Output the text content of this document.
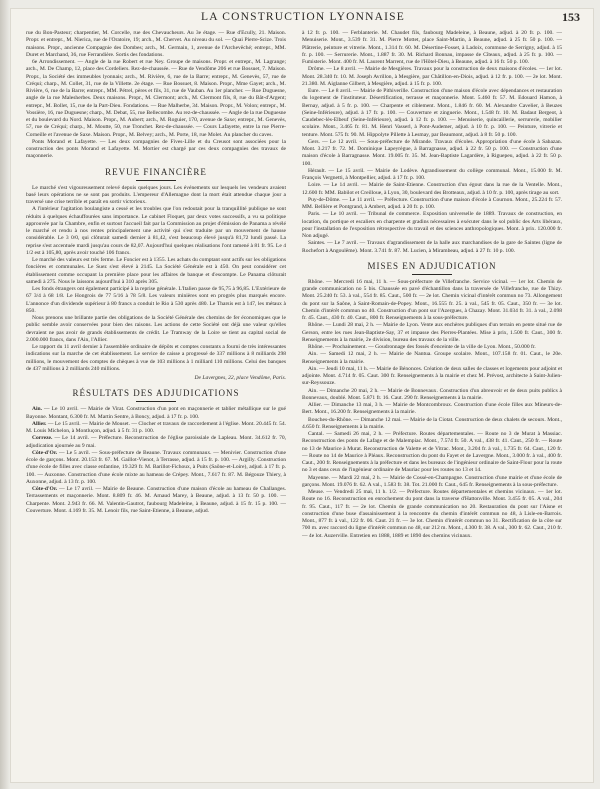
LA CONSTRUCTION LYONNAISE	153

rue du Bon-Pasteur; charpentier, M. Corcelle, rue des Chevaucheurs. Au 3e étage. — Rue d'Ecully, 21. Maison. Propr. et entrepr., M. Nierica, rue de l'Oratoire, 19; arch., M. Chervet. Au niveau du sol. — Quai Pierre-Scize. Trois maisons. Propr., ancienne Compagnie des Dombes; arch., M. Germain, 1, avenue de l'Archevêché; entrepr., MM. Duret et Marchand, 36, rue Ferrandière. Sortis des fondations.

6e Arrondissement. — Angle de la rue Robert et rue Ney. Groupe de maisons. Propr. et entrepr., M. Lagrange; arch., M. De Champ, 12, place des Cordeliers. Rez-de-chaussée. — Rue de Vendôme 206 et rue Bossuet, 7. Maison. Propr., la Société des immeubles lyonnais; arch., M. Rivière, 6, rue de la Barre; entrepr., M. Genevès, 57, rue de Créqui; charp., M. Collet, 31, rue de la Villette. 2e étage. — Rue Bossuet, 8. Maison. Propr., Mme Gayet; arch., M. Rivière, 6, rue de la Barre; entrepr., MM. Pétrel, pères et fils, 31, rue de Vauban. Au 1er plancher. — Rue Duguesne, angle de la rue Malesherbes. Deux maisons. Propr., M. Clermont; arch., M. Clermont fils, 8, rue du Bât-d'Argent; entrepr., M. Bollet, 15, rue de la Part-Dieu. Fondations. — Rue Malherbe, 34. Maison. Propr., M. Volon; entrepr., M. Vossière, 16, rue Duguesne; charp., M. Debat, 55, rue Bellecombe. Au rez-de-chaussée. — Angle de la rue Duguesne et du boulevard du Nord. Maison. Propr., M. Aubert; arch., M. Roguier, 170, avenue de Saxe; entrepr., M. Genevès, 57, rue de Créqui; charp., M. Moutte, 50, rue Tronchet. Rez-de-chaussée. — Cours Lafayette, entre la rue Pierre-Corneille et l'avenue de Saxe. Maison. Propr., M. Belvey; arch., M. Porte, 18, rue Molet. Au plancher du caves.

Ponts Morand et Lafayette. — Les deux compagnies de Fives-Lille et du Creusot sont associées pour la construction des ponts Morand et Lafayette. M. Mortier est chargé par ces deux compagnies des travaux de maçonnerie.

REVUE FINANCIÈRE

Le marché s'est vigoureusement relevé depuis quelques jours. Les événements sur lesquels les vendeurs avaient basé leurs opérations ne se sont pas produits. L'empereur d'Allemagne dont la mort était attendue chaque jour a traversé une crise terrible et paraît en sortir victorieux.

A l'intérieur l'agitation boulangiste a cessé et les troubles que l'on redoutait pour la tranquillité publique ne sont réduits à quelques échauffourées sans importance. Le cabinet Floquet, par deux votes successifs, a vu sa politique approuvée par la Chambre, enfin et surtout l'accueil fait par la Commission au projet d'émission de Panama a révélé le marché et rendu à nos rentes principalement une activité qui s'est traduite par un mouvement de hausse considérable. Le 3 0/0, qui clôturait samedi dernier à 81,42, s'est beaucoup élevé jusqu'à 81,72 lundi passé. La reprise s'est accentuée mardi jusqu'au cours de 82,07. Aujourd'hui quelques réalisations l'ont ramené à 81 fr. 95. Le 4 1/2 est à 105,80, après avoir touché 106 francs.

Le marché des valeurs est très ferme. Le Foncier est à 1355. Les achats du comptant sont actifs sur les obligations foncières et communales. Le Suez s'est élevé à 2145. La Société Générale est à 450. On peut considérer cet établissement comme occupant la première place pour les affaires de banque et d'escompte. Le Panama clôturait samedi à 275. Nous le laissons aujourd'hui à 310 après 305.

Les fonds étrangers ont également participé à la reprise générale. L'Italien passe de 95,75 à 96,85. L'Extérieure de 67 3/4 à 68 1/8. Le Hongrois de 77 5/16 à 78 5/8. Les valeurs minières sont en progrès plus marqués encore. L'annonce d'un dividende supérieur à 80 francs a conduit le Rio à 530 après 480. Le Tharsis est à 147, les métaux à 850.

Nous prenons une brillante partie des obligations de la Société Générale des chemins de fer économiques que le public semble avoir conservées pour bien des raisons. Les actions de cette Société ont déjà une valeur qu'elles devraient ne pas avoir de grands établissements de crédit. Le Tramway de la Loire se tient au capital social de 2.000.000 francs, dans l'Ain, l'Allier.

Le rapport du 11 avril dernier à l'assemblée ordinaire de dépôts et comptes constants a fourni de très intéressantes indications sur la marche de cet établissement. Le service de caisse a progressé de 337 millions à 8 milliards 298 millions, le mouvement des comptes de chèques à vue de 103 millions à 1 milliard 110 millions. Celui des banques de 437 millions à 2 milliards 240 millions.

De Lavergnes, 22, place Vendôme, Paris.
RÉSULTATS DES ADJUDICATIONS

Ain. — Le 10 avril. — Mairie de Virat. Construction d'un pont en maçonnerie et tablier métallique sur le gué Bayonne. Montant, 6.300 fr. M. Martin Sentre, à Boncy, adjud. à 17 fr. p. 100.

Allier. — Le 15 avril. — Mairie de Mouset. — Clocher et travaux de raccordement à l'église. Mont. 20.445 fr. 54. M. Louis Michelon, à Montluçon, adjud. à 5 fr. 31 p. 100.

Correze. — Le 14 avril. — Préfecture. Reconstruction de l'église paroissiale de Lapleau. Mont. 34.612 fr. 70, adjudication ajournée au 9 mai.

Côte-d'Or. — Le 5 avril. — Sous-préfecture de Beaune. Travaux communaux. — Menivier. Construction d'une école de garçons. Mont. 20.153 fr. 67. M. Gaillot-Vienot, à Terrasse, adjud. à 15 fr. p. 100. — Argilly. Construction d'une école de filles avec classe enfantine, 19.329 fr. M. Barillot-Fichoux, à Puits (Saône-et-Loire), adjud. à 17 fr. p. 100. — Auxonne. Construction d'une école mixte au hameau de Crépey. Mont., 7.617 fr. 87. M. Bégouze Thiery, à Auxonne, adjud. à 13 fr. p. 100.

Côte-d'Or. — Le 17 avril. — Mairie de Beaune. Construction d'une maison d'école au hameau de Challanges. Terrassements et maçonnerie. Mont. 8.809 fr. 46. M. Arnaud Marey, à Beaune, adjud. à 13 fr. 50 p. 100. — Charpente. Mont. 2.943 fr. 66. M. Valentin-Gautrot, faubourg Madeleine, à Beaune, adjud. à 15 fr. 15 p. 100. — Couverture. Mont. 4.169 fr. 35. M. Lenoir fils, rue Saint-Etienne, à Beaune, adjud.

à 12 fr. p. 100. — Ferblanterie. M. Chaudet fils, faubourg Madeleine, à Beaune, adjud. à 20 fr. p. 100. — Menuiserie. Mont., 3.539 fr. 31. M. Pierre Mottet, place Saint-Martin, à Beaune, adjud. à 25 fr. 50 p. 100. — Plâtrerie, peinture et vitrerie. Mont., 1.314 fr. 60. M. Désertine-Fosset, à Ladoix, commune de Serrigny, adjud. à 15 fr. p. 100. — Serrurerie. Mont., 1.887 fr. 30. M. Richard Bonnau, impasse de Cîteaux, adjud. à 25 fr. p. 100. — Fumisterie. Mont. 400 fr. M. Laurent Marrent, rue de l'Hôtel-Dieu, à Beaune, adjud. à 16 fr. 50 p. 100.

Drôme. — Le 8 avril. — Mairie de Mesgières. Travaux pour la construction de deux maisons d'écoles. — 1er lot. Mont. 28.340 fr. 10. M. Joseph Avrillon, à Mesgière, par Châtillon-en-Diois, adjud. à 12 fr. p. 100. — 2e lot. Mont. 21.380. M. Aiglanne Gilbert, à Mesgière, adjud. à 15 fr. p. 100.

Eure. — Le 8 avril. — Mairie de Pithiverille. Construction d'une maison d'école avec dépendances et restauration du logement de l'instituteur. Désertification, terrasse et maçonnerie. Mont. 5.460 fr. 57. M. Edouard Hamon, à Bernay, adjud. à 5 fr. p. 100. — Charpente et ciblement. Mont., 1.846 fr. 60. M. Alexandre Cavelier, à Beuzes (Seine-Inférieure), adjud. à 17 fr. p. 100. — Couverture et zinguerie. Mont., 1.548 fr. 10. M. Badaut Bergeot, à Caudebec-lès-Elbeuf (Seine-Inférieure), adjud. à 12 fr. p. 100. — Menuiserie, quincaillerie, serrurerie, mobilier scolaire. Mont., 3.465 fr. 81. M. Henri Vasserl, à Pont-Audemer, adjud. à 10 fr. p. 100. — Peinture, vitrerie et tenture. Mont. 575 fr. 90. M. Hippolyte Pillette à Lesmay, par Beaumont, adjud. à 8 fr. 50 p. 100.

Gers. — Le 12 avril. — Sous-préfecture de Mirande. Travaux d'écoles. Appropriation d'une école à Sabazan. Mont. 3.217 fr. 72. M. Dominique Lapeyrègue, à Barragnasse, adjud. à 22 fr. 50 p. 100. — Construction d'une maison d'école à Barragnasse. Mont. 19.005 fr. 35. M. Jean-Baptiste Lagardère, à Riguepeu, adjud. à 22 fr. 50 p. 100.

Hérault. — Le 15 avril. — Mairie de Lodève. Agrandissement du collège communal. Mont., 15.000 fr. M. François Vergnetti, à Montpellier, adjud. à 17 fr. p. 100.

Loire. — Le 14 avril. — Mairie de Saint-Etienne. Construction d'un égout dans la rue de la Ventelle. Mont., 12.600 fr. MM. Babilot et Creilloue, à Lyon, 30, boulevard des Brotteaux, adjud. à 10 fr. p. 100, après tirage au sort.

Puy-de-Dôme. — Le 11 avril. — Préfecture. Construction d'une maison d'école à Cournon. Mont., 25.224 fr. 57. MM. Bellière et Pontgrand, à Ambert, adjud. à 20 fr. p. 100.

Paris. — Le 10 avril. — Tribunal de commerce. Exposition universelle de 1889. Travaux de construction, en location, du portique et escaliers en charpente et gradins nécessaires à exécuter dans le sol public des Arts libéraux, pour l'installation de l'exposition rétrospective du travail et des sciences anthropologiques. Mont. à prix. 120.000 fr. Non adjugé.

Saintes. — Le 7 avril. — Travaux d'agrandissement de la halle aux marchandises de la gare de Saintes (ligne de Rochefort à Angoulême). Mont. 3.741 fr. 87. M. Lucien, à Mirambeau, adjud. à 27 fr. 10 p. 100.

MISES EN ADJUDICATION

Rhône. — Mercredi 16 mai, 11 h. — Sous-préfecture de Villefranche. Service vicinal. — 1er lot. Chemin de grande communication no 5 bis. Chaussée en pavé d'échantillon dans la traversée de Villefranche, rue de Thizy. Mont. 25.240 fr. 53. à val., 554 fr. 85. Caut., 500 fr. — 2e lot. Chemin vicinal d'intérêt commun no 73. Allongement du pont sur la Saône, à Saint-Romain-de-Popey. Mont., 16.555 fr. 25. à val., 545 fr. 05. Caut., 350 fr. — 3e lot. Chemin d'intérêt commun no 40. Construction d'un pont sur l'Azergues, à Chazay. Mont. 31.034 fr. 31. à val., 2.098 fr. 45. Caut., 430 fr. 40. Caut., 800 fr. Renseignements à la sous-préfecture.

Rhône. — Lundi 28 mai, 2 h. — Mairie de Lyon. Vente aux enchères publiques d'un terrain en pente situé rue de Gerson, entre les rues Jean-Baptiste-Say, 37 et impasse des Pierres-Plantées. Mise à prix, 1.500 fr. Caut., 300 fr. Renseignements à la mairie, 2e division, bureau des travaux de la ville.

Rhône. — Prochainement. — Goudronnage des fossés d'enceinte de la ville de Lyon. Mont., 50.000 fr.

Ain. — Samedi 12 mai, 2 h. — Mairie de Nantua. Groupe scolaire. Mont., 107.158 fr. 01. Caut., le 20e. Renseignements à la mairie.

Ain. — Jeudi 10 mai, 11 h. — Mairie de Bénonces. Création de deux salles de classes et logements pour adjoint et adjointe. Mont. 4.714 fr. 05. Caut. 300 fr. Renseignements à la mairie et chez M. Prévost, architecte à Saint-Julien-sur-Reyssouze.

Ain. — Dimanche 20 mai, 2 h. — Mairie de Bonnevaux. Construction d'un abreuvoir et de deux puits publics à Bonnevaux, doublé. Mont. 5.871 fr. 16. Caut. 290 fr. Renseignements à la mairie.

Allier. — Dimanche 13 mai, 3 h. — Mairie de Montcombroux. Construction d'une école filles aux Mineurs-de-Bert. Mont., 16.200 fr. Renseignements à la mairie.

Bouches-du-Rhône. — Dimanche 12 mai. — Mairie de la Ciotat. Construction de deux chalets de secours. Mont., 4.650 fr. Renseignements à la mairie.

Cantal. — Samedi 26 mai, 2 h. — Préfecture. Routes départementales. — Route no 3 de Murat à Massiac. Reconstruction des ponts de Lafage et de Malempiac. Mont., 7.574 fr. 50. A val., 438 fr. 41. Caut., 250 fr. — Route no 13 de Maurice à Murat. Reconstruction de Valette et de Vitrac. Mont., 3.204 fr. à val., 1.735 fr. 64. Caut., 120 fr. — Route no 14 de Maurice à Pléaux. Reconstruction du pont du Fayet et de Lavergne. Mont., 3.000 fr. à val., 400 fr. Caut., 200 fr. Renseignements à la préfecture et dans les bureaux de l'ingénieur ordinaire de Saint-Flour pour la route no 3 et dans ceux de l'ingénieur ordinaire de Mauriac pour les routes no 13 et 14.

Mayenne. — Mardi 22 mai, 2 h. — Mairie de Cossé-en-Champagne. Construction d'une mairie et d'une école de garçons. Mont. 19.076 fr. 62. A val., 1.583 fr. 38. Tot. 21.000 fr. Caut., 645 fr. Renseignements à la sous-préfecture.

Meuse. — Vendredi 25 mai, 11 h. 1/2. — Préfecture. Routes départementales et chemins vicinaux. — 1er lot. Route no 16. Reconstruction en enrochement du pont dans la traverse d'Hattonville. Mont. 3.455 fr. 05. A val., 204 fr. 95. Caut., 117 fr. — 2e lot. Chemin de grande communication no 20. Restauration du pont sur l'Aisne et construction d'une buse d'assainissement à la rencontre du chemin d'intérêt commun no 48, à Lisle-en-Barrois. Mont., 877 fr. à val., 122 fr. 06. Caut. 21 fr. — 3e lot. Chemin d'intérêt commun no 31. Rectification de la côte sur 700 m. avec raccord du ligne d'intérêt commun no 48, sur 212 m. Mont., 4.300 fr. 38. A val., 300 fr. 62. Caut., 210 fr. — 4e lot. Auzerville. Entretien en 1888, 1889 et 1890 des chemins vicinaux.
